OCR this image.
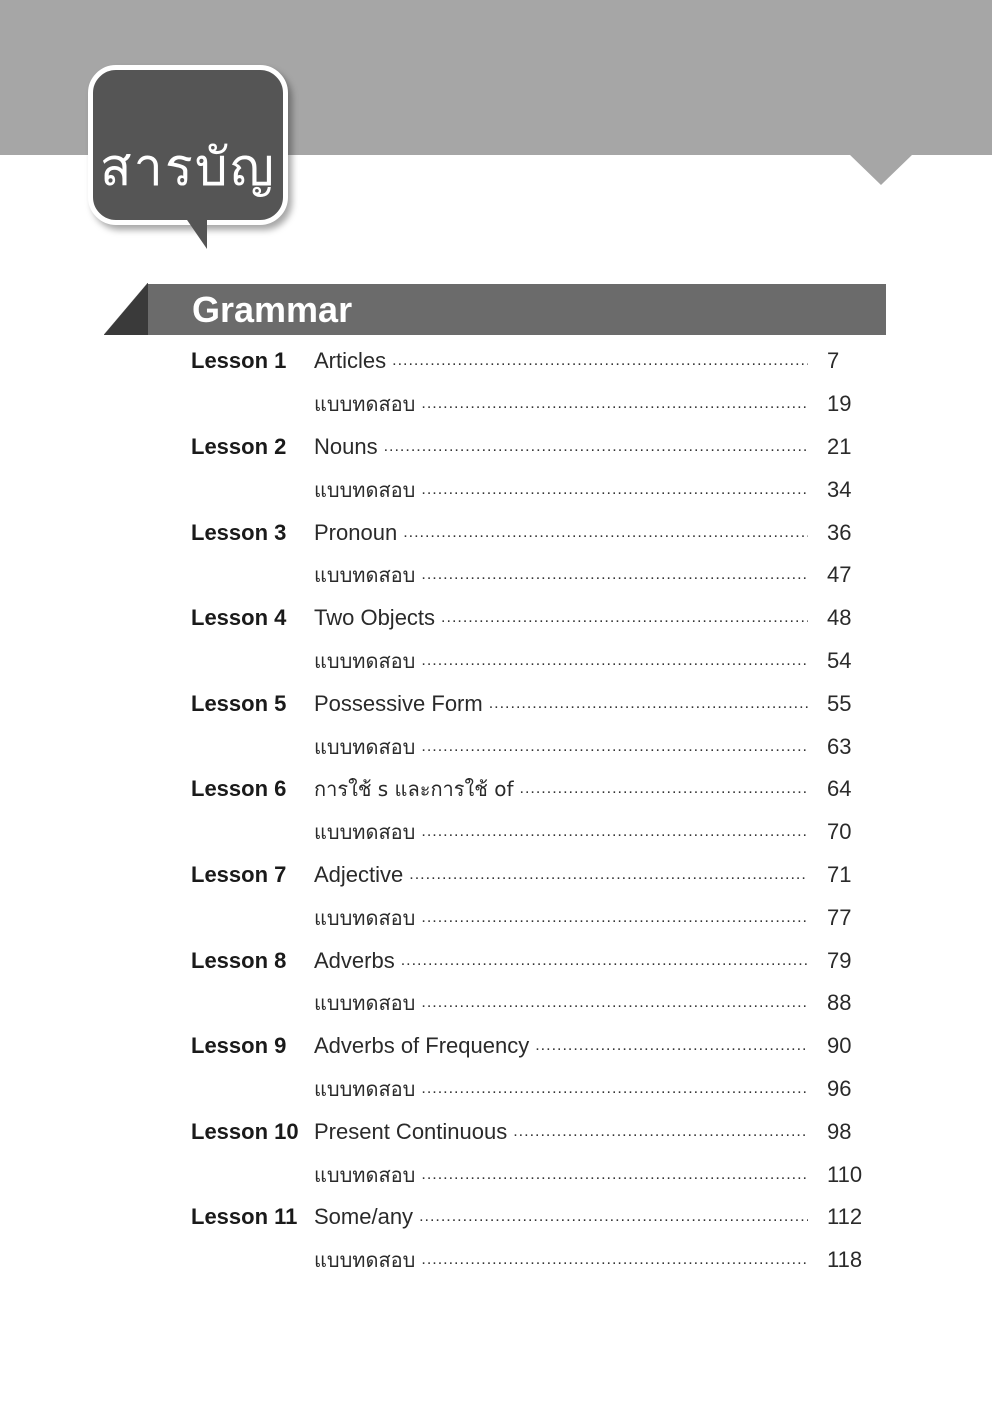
สารบัญ
Grammar
Lesson 1	Articles .....	7
แบบทดสอบ .....	19
Lesson 2	Nouns .....	21
แบบทดสอบ .....	34
Lesson 3	Pronoun .....	36
แบบทดสอบ .....	47
Lesson 4	Two Objects .....	48
แบบทดสอบ .....	54
Lesson 5	Possessive Form .....	55
แบบทดสอบ .....	63
Lesson 6	การใช้ s และการใช้ of .....	64
แบบทดสอบ .....	70
Lesson 7	Adjective .....	71
แบบทดสอบ .....	77
Lesson 8	Adverbs .....	79
แบบทดสอบ .....	88
Lesson 9	Adverbs of Frequency .....	90
แบบทดสอบ .....	96
Lesson 10 Present Continuous .....	98
แบบทดสอบ .....	110
Lesson 11 Some/any .....	112
แบบทดสอบ .....	118
